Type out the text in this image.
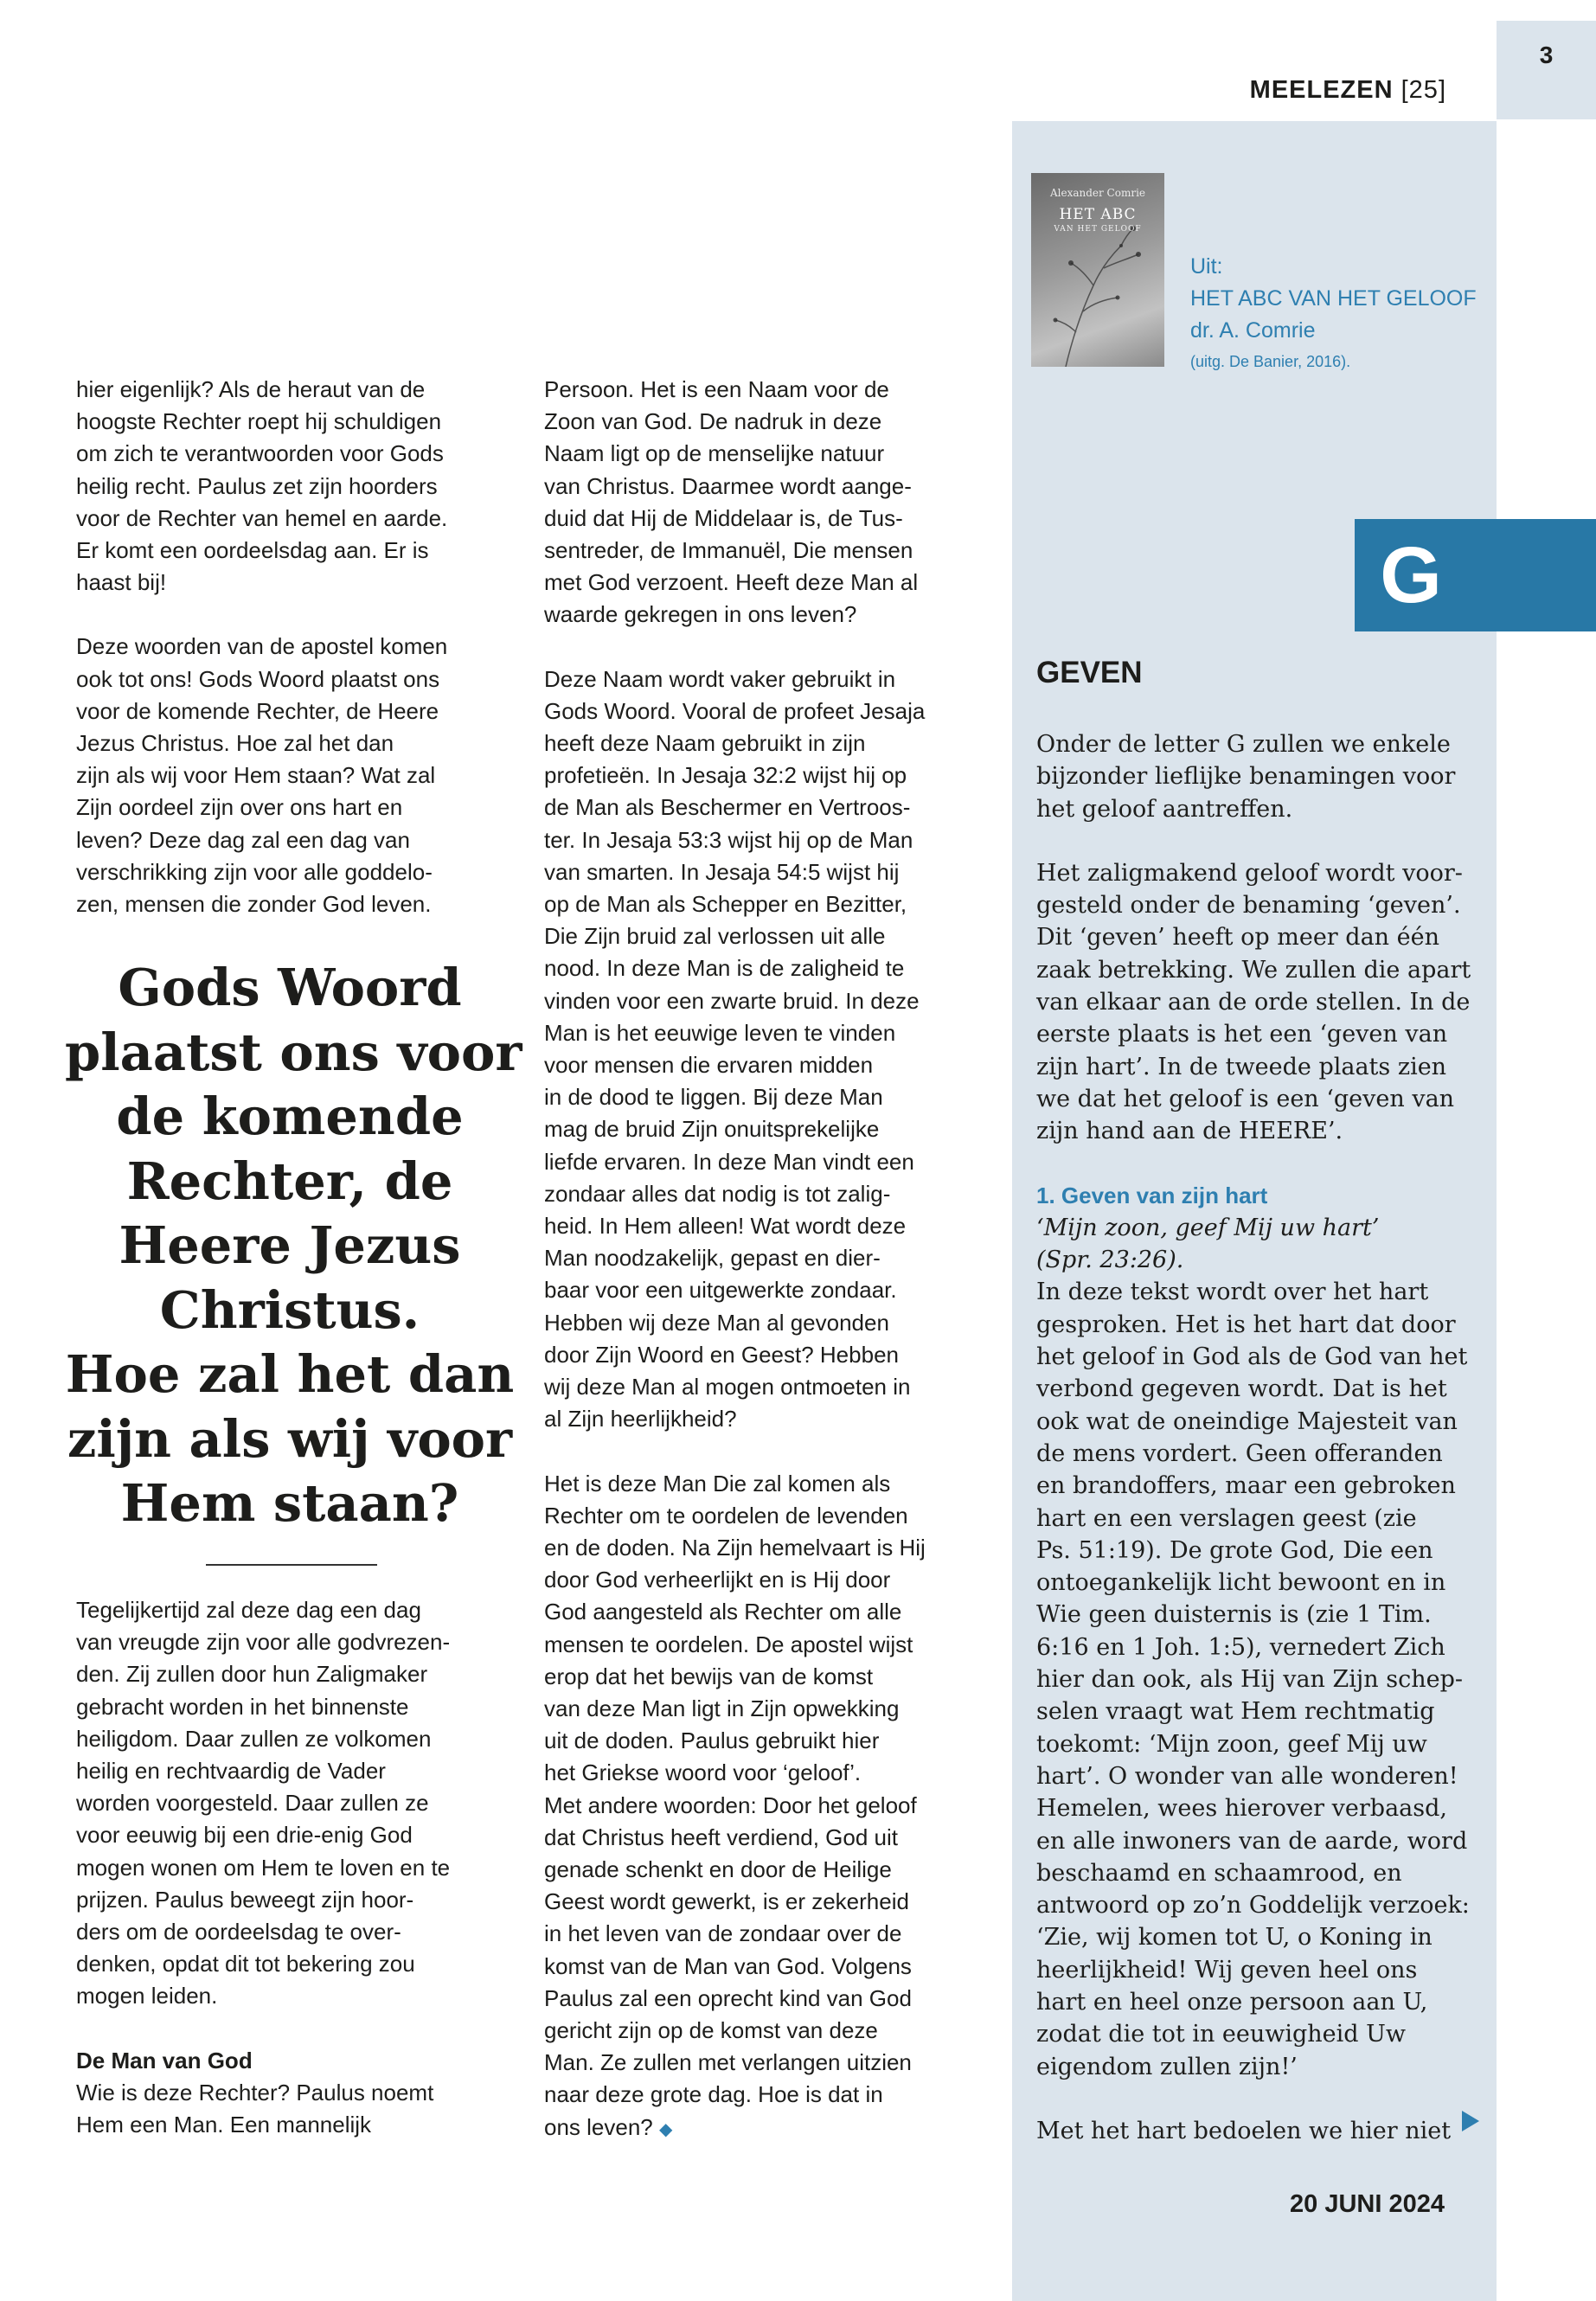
MEELEZEN [25]
3
Alexander Comrie
HET ABC
VAN HET GELOOF
Uit:
HET ABC VAN HET GELOOF
dr. A. Comrie
(uitg. De Banier, 2016).
G
GEVEN
Onder de letter G zullen we enkele
bijzonder lieflijke benamingen voor
het geloof aantreffen.
Het zaligmakend geloof wordt voor-
gesteld onder de benaming ‘geven’.
Dit ‘geven’ heeft op meer dan één
zaak betrekking. We zullen die apart
van elkaar aan de orde stellen. In de
eerste plaats is het een ‘geven van
zijn hart’. In de tweede plaats zien
we dat het geloof is een ‘geven van
zijn hand aan de HEERE’.
1. Geven van zijn hart
‘Mijn zoon, geef Mij uw hart’
(Spr. 23:26).
In deze tekst wordt over het hart
gesproken. Het is het hart dat door
het geloof in God als de God van het
verbond gegeven wordt. Dat is het
ook wat de oneindige Majesteit van
de mens vordert. Geen offeranden
en brandoffers, maar een gebroken
hart en een verslagen geest (zie
Ps. 51:19). De grote God, Die een
ontoegankelijk licht bewoont en in
Wie geen duisternis is (zie 1 Tim.
6:16 en 1 Joh. 1:5), vernedert Zich
hier dan ook, als Hij van Zijn schep-
selen vraagt wat Hem rechtmatig
toekomt: ‘Mijn zoon, geef Mij uw
hart’. O wonder van alle wonderen!
Hemelen, wees hierover verbaasd,
en alle inwoners van de aarde, word
beschaamd en schaamrood, en
antwoord op zo’n Goddelijk verzoek:
‘Zie, wij komen tot U, o Koning in
heerlijkheid! Wij geven heel ons
hart en heel onze persoon aan U,
zodat die tot in eeuwigheid Uw
eigendom zullen zijn!’
Met het hart bedoelen we hier niet
hier eigenlijk? Als de heraut van de
hoogste Rechter roept hij schuldigen
om zich te verantwoorden voor Gods
heilig recht. Paulus zet zijn hoorders
voor de Rechter van hemel en aarde.
Er komt een oordeelsdag aan. Er is
haast bij!
Deze woorden van de apostel komen
ook tot ons! Gods Woord plaatst ons
voor de komende Rechter, de Heere
Jezus Christus. Hoe zal het dan
zijn als wij voor Hem staan? Wat zal
Zijn oordeel zijn over ons hart en
leven? Deze dag zal een dag van
verschrikking zijn voor alle goddelo-
zen, mensen die zonder God leven.
Gods Woord
plaatst ons voor
de komende
Rechter, de
Heere Jezus
Christus.
Hoe zal het dan
zijn als wij voor
Hem staan?
Tegelijkertijd zal deze dag een dag
van vreugde zijn voor alle godvrezen-
den. Zij zullen door hun Zaligmaker
gebracht worden in het binnenste
heiligdom. Daar zullen ze volkomen
heilig en rechtvaardig de Vader
worden voorgesteld. Daar zullen ze
voor eeuwig bij een drie-enig God
mogen wonen om Hem te loven en te
prijzen. Paulus beweegt zijn hoor-
ders om de oordeelsdag te over-
denken, opdat dit tot bekering zou
mogen leiden.
De Man van God
Wie is deze Rechter? Paulus noemt
Hem een Man. Een mannelijk
Persoon. Het is een Naam voor de
Zoon van God. De nadruk in deze
Naam ligt op de menselijke natuur
van Christus. Daarmee wordt aange-
duid dat Hij de Middelaar is, de Tus-
sentreder, de Immanuël, Die mensen
met God verzoent. Heeft deze Man al
waarde gekregen in ons leven?
Deze Naam wordt vaker gebruikt in
Gods Woord. Vooral de profeet Jesaja
heeft deze Naam gebruikt in zijn
profetieën. In Jesaja 32:2 wijst hij op
de Man als Beschermer en Vertroos-
ter. In Jesaja 53:3 wijst hij op de Man
van smarten. In Jesaja 54:5 wijst hij
op de Man als Schepper en Bezitter,
Die Zijn bruid zal verlossen uit alle
nood. In deze Man is de zaligheid te
vinden voor een zwarte bruid. In deze
Man is het eeuwige leven te vinden
voor mensen die ervaren midden
in de dood te liggen. Bij deze Man
mag de bruid Zijn onuitsprekelijke
liefde ervaren. In deze Man vindt een
zondaar alles dat nodig is tot zalig-
heid. In Hem alleen! Wat wordt deze
Man noodzakelijk, gepast en dier-
baar voor een uitgewerkte zondaar.
Hebben wij deze Man al gevonden
door Zijn Woord en Geest? Hebben
wij deze Man al mogen ontmoeten in
al Zijn heerlijkheid?
Het is deze Man Die zal komen als
Rechter om te oordelen de levenden
en de doden. Na Zijn hemelvaart is Hij
door God verheerlijkt en is Hij door
God aangesteld als Rechter om alle
mensen te oordelen. De apostel wijst
erop dat het bewijs van de komst
van deze Man ligt in Zijn opwekking
uit de doden. Paulus gebruikt hier
het Griekse woord voor ‘geloof’.
Met andere woorden: Door het geloof
dat Christus heeft verdiend, God uit
genade schenkt en door de Heilige
Geest wordt gewerkt, is er zekerheid
in het leven van de zondaar over de
komst van de Man van God. Volgens
Paulus zal een oprecht kind van God
gericht zijn op de komst van deze
Man. Ze zullen met verlangen uitzien
naar deze grote dag. Hoe is dat in
ons leven? ◆
20 JUNI 2024
